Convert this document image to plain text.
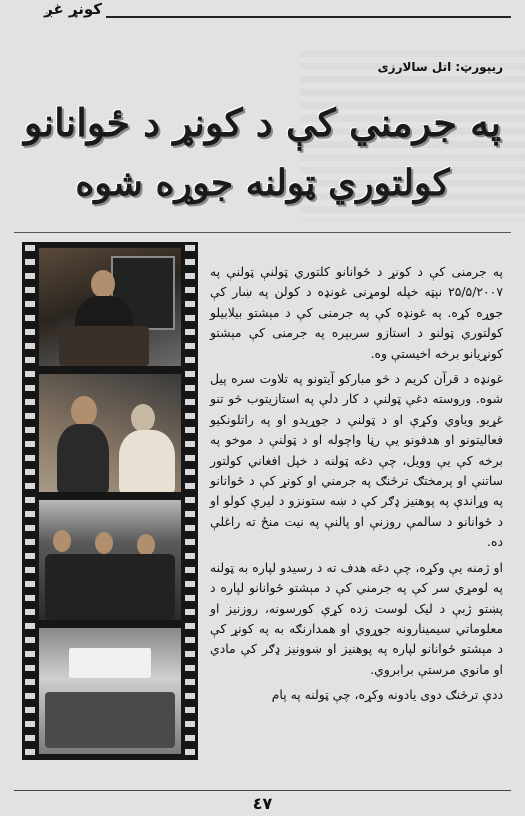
كونړ غږ
ريپورټ: اتل سالارزى
په جرمني کې د کونړ د ځوانانو
کولتوري ټولنه جوړه شوه

په جرمنى کې د کونړ د ځوانانو کلتوري ټولنې ټولنې په ۲۵/۵/۲۰۰۷ نېټه خپله لومړنى غونډه د کولن په ښار کې جوړه کړه. په غونډه کې په جرمنى کې د مېشتو بيلابيلو کولتوري ټولنو د استازو سربېره په جرمنى کې مېشتو کونړيانو برخه اخيستې وه.

غونډه د قرآن کريم د څو مبارکو آيتونو په تلاوت سره پيل شوه. وروسته دغې ټولنې د کار دلې په استازيتوب څو تنو غړيو وياوي وکړې او د ټولنې د جوړېدو او په راتلونکيو فعاليتونو او هدفونو يې رڼا واچوله او د ټولنې د موخو په برخه کې يې وويل، چې دغه ټولنه د خپل افغاني کولتور ساتنې او پرمختګ ترڅنګ په جرمني او کونړ کې د ځوانانو په وړاندې په پوهنيز ډګر کې د ښه ستونزو د ليرې کولو او د ځوانانو د سالمې روزنې او پالنې په نيت منځ ته راغلې ده.

او ژمنه يې وکړه، چې دغه هدف ته د رسيدو لپاره به ټولنه په لومړي سر کې په جرمني کې د مېشتو ځوانانو لپاره د پښتو ژبې د ليک لوست زده کړې کورسونه، روزنيز او معلوماتي سيمينارونه جوړوي او همدارنګه به په کونړ کې د مېشتو ځوانانو لپاره په پوهنيز او ښوونيز ډګر کې مادي او مانوي مرستې برابروي.

ددې ترڅنګ دوى يادونه وکړه، چې ټولنه په پام

٤٧
